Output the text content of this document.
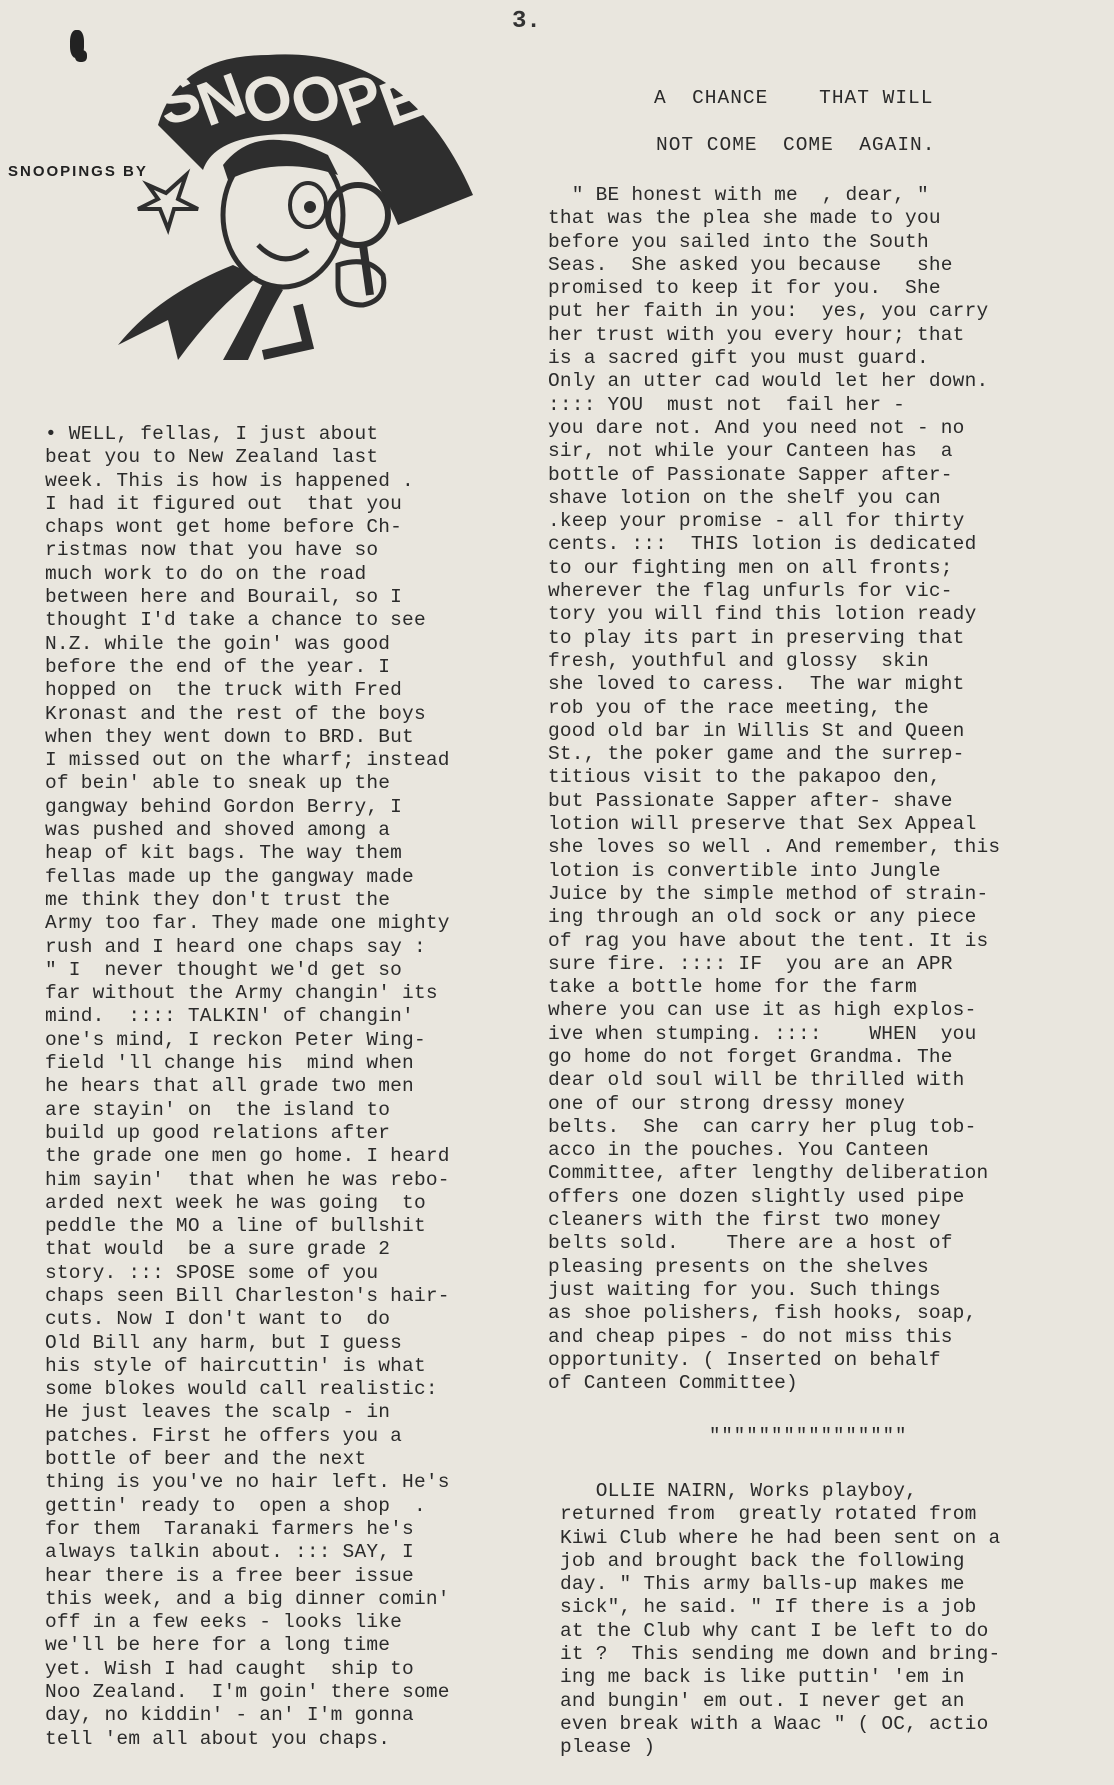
3.
SNOOPER
SNOOPINGS BY
A  CHANCE    THAT WILL
NOT COME  COME  AGAIN.

• WELL, fellas, I just about

beat you to New Zealand last

week. This is how is happened .

I had it figured out  that you

chaps wont get home before Ch-

ristmas now that you have so

much work to do on the road

between here and Bourail, so I

thought I'd take a chance to see

N.Z. while the goin' was good

before the end of the year. I

hopped on  the truck with Fred

Kronast and the rest of the boys

when they went down to BRD. But

I missed out on the wharf; instead

of bein' able to sneak up the

gangway behind Gordon Berry, I

was pushed and shoved among a

heap of kit bags. The way them

fellas made up the gangway made

me think they don't trust the

Army too far. They made one mighty

rush and I heard one chaps say :

" I  never thought we'd get so

far without the Army changin' its

mind.  :::: TALKIN' of changin'

one's mind, I reckon Peter Wing-

field 'll change his  mind when

he hears that all grade two men

are stayin' on  the island to

build up good relations after

the grade one men go home. I heard

him sayin'  that when he was rebo-

arded next week he was going  to

peddle the MO a line of bullshit

that would  be a sure grade 2

story. ::: SPOSE some of you

chaps seen Bill Charleston's hair-

cuts. Now I don't want to  do

Old Bill any harm, but I guess

his style of haircuttin' is what

some blokes would call realistic:

He just leaves the scalp - in

patches. First he offers you a

bottle of beer and the next

thing is you've no hair left. He's

gettin' ready to  open a shop  .

for them  Taranaki farmers he's

always talkin about. ::: SAY, I

hear there is a free beer issue

this week, and a big dinner comin'

off in a few eeks - looks like

we'll be here for a long time

yet. Wish I had caught  ship to

Noo Zealand.  I'm goin' there some

day, no kiddin' - an' I'm gonna

tell 'em all about you chaps.

" BE honest with me  , dear, "

that was the plea she made to you

before you sailed into the South

Seas.  She asked you because   she

promised to keep it for you.  She

put her faith in you:  yes, you carry

her trust with you every hour; that

is a sacred gift you must guard.

Only an utter cad would let her down.

:::: YOU  must not  fail her -

you dare not. And you need not - no

sir, not while your Canteen has  a

bottle of Passionate Sapper after-

shave lotion on the shelf you can

.keep your promise - all for thirty

cents. :::  THIS lotion is dedicated

to our fighting men on all fronts;

wherever the flag unfurls for vic-

tory you will find this lotion ready

to play its part in preserving that

fresh, youthful and glossy  skin

she loved to caress.  The war might

rob you of the race meeting, the

good old bar in Willis St and Queen

St., the poker game and the surrep-

titious visit to the pakapoo den,

but Passionate Sapper after- shave

lotion will preserve that Sex Appeal

she loves so well . And remember, this

lotion is convertible into Jungle

Juice by the simple method of strain-

ing through an old sock or any piece

of rag you have about the tent. It is

sure fire. :::: IF  you are an APR

take a bottle home for the farm

where you can use it as high explos-

ive when stumping. ::::    WHEN  you

go home do not forget Grandma. The

dear old soul will be thrilled with

one of our strong dressy money

belts.  She  can carry her plug tob-

acco in the pouches. You Canteen

Committee, after lengthy deliberation

offers one dozen slightly used pipe

cleaners with the first two money

belts sold.    There are a host of

pleasing presents on the shelves

just waiting for you. Such things

as shoe polishers, fish hooks, soap,

and cheap pipes - do not miss this

opportunity. ( Inserted on behalf

of Canteen Committee)

""""""""""""""""

OLLIE NAIRN, Works playboy,

returned from  greatly rotated from

Kiwi Club where he had been sent on a

job and brought back the following

day. " This army balls-up makes me

sick", he said. " If there is a job

at the Club why cant I be left to do

it ?  This sending me down and bring-

ing me back is like puttin' 'em in

and bungin' em out. I never get an

even break with a Waac " ( OC, actio

please )
